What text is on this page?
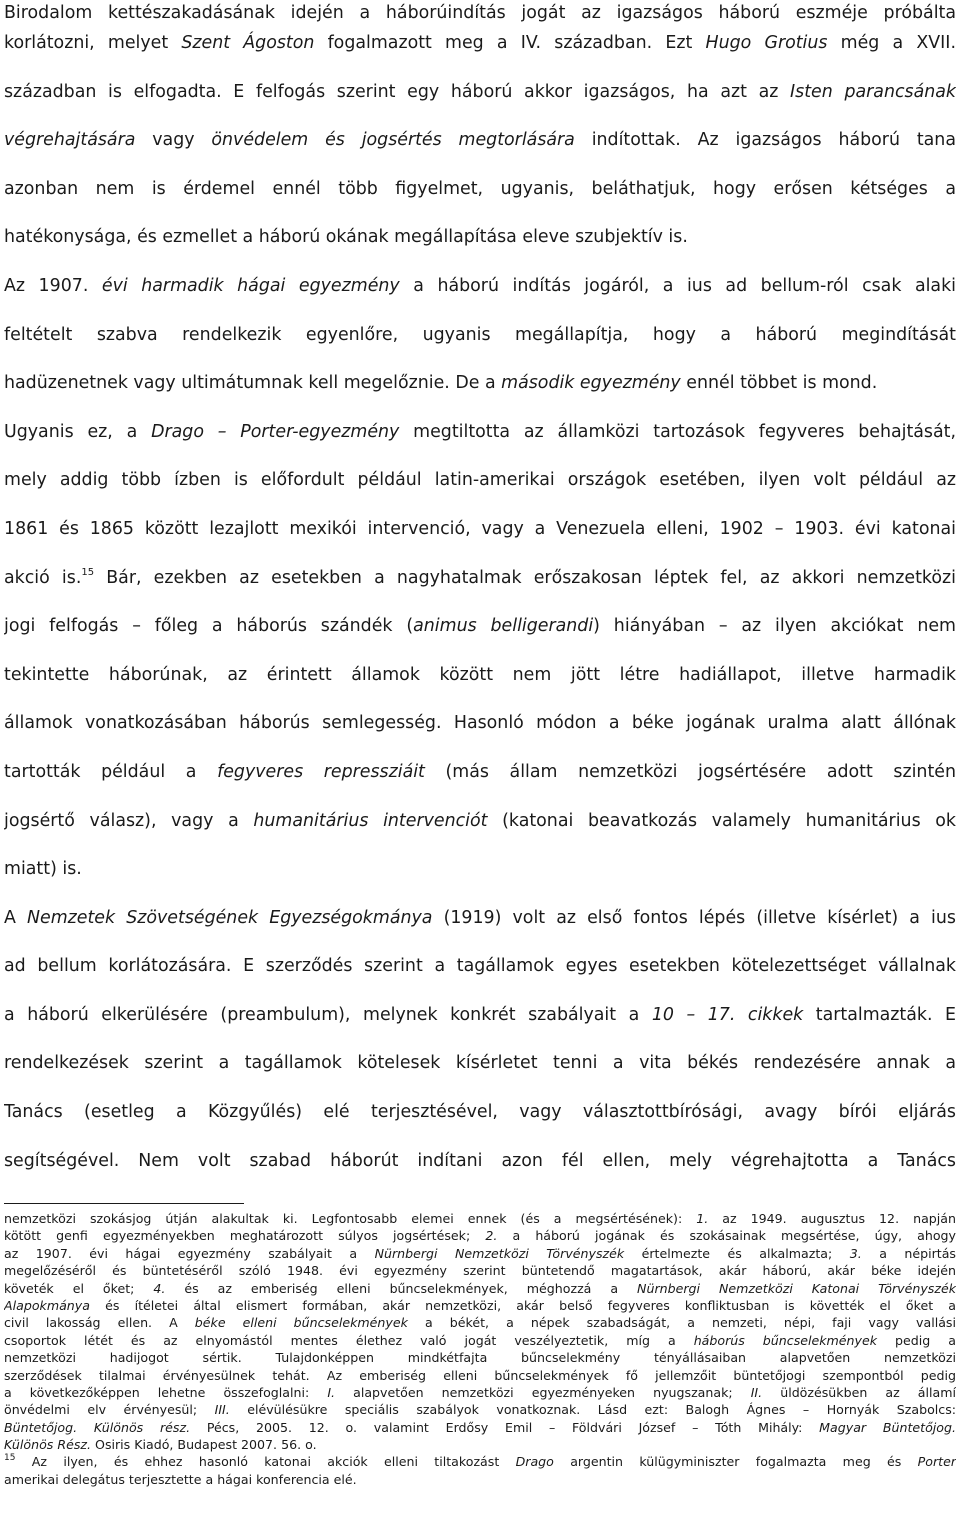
Birodalom kettészakadásának idején a háborúindítás jogát az igazságos háború eszméje próbálta
korlátozni, melyet Szent Ágoston fogalmazott meg a IV. században. Ezt Hugo Grotius még a XVII.
században is elfogadta. E felfogás szerint egy háború akkor igazságos, ha azt az Isten parancsának
végrehajtására vagy önvédelem és jogsértés megtorlására indítottak. Az igazságos háború tana
azonban nem is érdemel ennél több figyelmet, ugyanis, beláthatjuk, hogy erősen kétséges a
hatékonysága, és ezmellet a háború okának megállapítása eleve szubjektív is.
Az 1907. évi harmadik hágai egyezmény a háború indítás jogáról, a ius ad bellum-ról csak alaki
feltételt szabva rendelkezik egyenlőre, ugyanis megállapítja, hogy a háború megindítását
hadüzenetnek vagy ultimátumnak kell megelőznie. De a második egyezmény ennél többet is mond.
Ugyanis ez, a Drago – Porter-egyezmény megtiltotta az államközi tartozások fegyveres behajtását,
mely addig több ízben is előfordult például latin-amerikai országok esetében, ilyen volt például az
1861 és 1865 között lezajlott mexikói intervenció, vagy a Venezuela elleni, 1902 – 1903. évi katonai
akció is.$^{15}$ Bár, ezekben az esetekben a nagyhatalmak erőszakosan léptek fel, az akkori nemzetközi
jogi felfogás – főleg a háborús szándék (animus belligerandi) hiányában – az ilyen akciókat nem
tekintette háborúnak, az érintett államok között nem jött létre hadiállapot, illetve harmadik
államok vonatkozásában háborús semlegesség. Hasonló módon a béke jogának uralma alatt állónak
tartották például a fegyveres repressziáit (más állam nemzetközi jogsértésére adott szintén
jogsértő válasz), vagy a humanitárius intervenciót (katonai beavatkozás valamely humanitárius ok
miatt) is.
A Nemzetek Szövetségének Egyezségokmánya (1919) volt az első fontos lépés (illetve kísérlet) a ius
ad bellum korlátozására. E szerződés szerint a tagállamok egyes esetekben kötelezettséget vállalnak
a háború elkerülésére (preambulum), melynek konkrét szabályait a 10 – 17. cikkek tartalmazták. E
rendelkezések szerint a tagállamok kötelesek kísérletet tenni a vita békés rendezésére annak a
Tanács (esetleg a Közgyűlés) elé terjesztésével, vagy választottbírósági, avagy bírói eljárás
segítségével. Nem volt szabad háborút indítani azon fél ellen, mely végrehajtotta a Tanács
nemzetközi szokásjog útján alakultak ki. Legfontosabb elemei ennek (és a megsértésének): 1. az 1949. augusztus 12. napján
kötött genfi egyezményekben meghatározott súlyos jogsértések; 2. a háború jogának és szokásainak megsértése, úgy, ahogy
az 1907. évi hágai egyezmény szabályait a Nürnbergi Nemzetközi Törvényszék értelmezte és alkalmazta; 3. a népirtás
megelőzéséről és büntetéséről szóló 1948. évi egyezmény szerint büntetendő magatartások, akár háború, akár béke idején
követék el őket; 4. és az emberiség elleni bűncselekmények, méghozzá a Nürnbergi Nemzetközi Katonai Törvényszék
Alapokmánya és ítéletei által elismert formában, akár nemzetközi, akár belső fegyveres konfliktusban is követték el őket a
civil lakosság ellen. A béke elleni bűncselekmények a békét, a népek szabadságát, a nemzeti, népi, faji vagy vallási
csoportok létét és az elnyomástól mentes élethez való jogát veszélyeztetik, míg a háborús bűncselekmények pedig a
nemzetközi hadijogot sértik. Tulajdonképpen mindkétfajta bűncselekmény tényállásaiban alapvetően nemzetközi
szerződések tilalmai érvényesülnek tehát. Az emberiség elleni bűncselekmények fő jellemzőit büntetőjogi szempontból pedig
a következőképpen lehetne összefoglalni: I. alapvetően nemzetközi egyezményeken nyugszanak; II. üldözésükben az államí
önvédelmi elv érvényesül; III. elévülésükre speciális szabályok vonatkoznak. Lásd ezt: Balogh Ágnes – Hornyák Szabolcs:
Büntetőjog. Különös rész. Pécs, 2005. 12. o. valamint Erdősy Emil – Földvári József – Tóth Mihály: Magyar Büntetőjog.
Különös Rész. Osiris Kiadó, Budapest 2007. 56. o.
$^{15}$ Az ilyen, és ehhez hasonló katonai akciók elleni tiltakozást Drago argentin külügyminiszter fogalmazta meg és Porter
amerikai delegátus terjesztette a hágai konferencia elé.
